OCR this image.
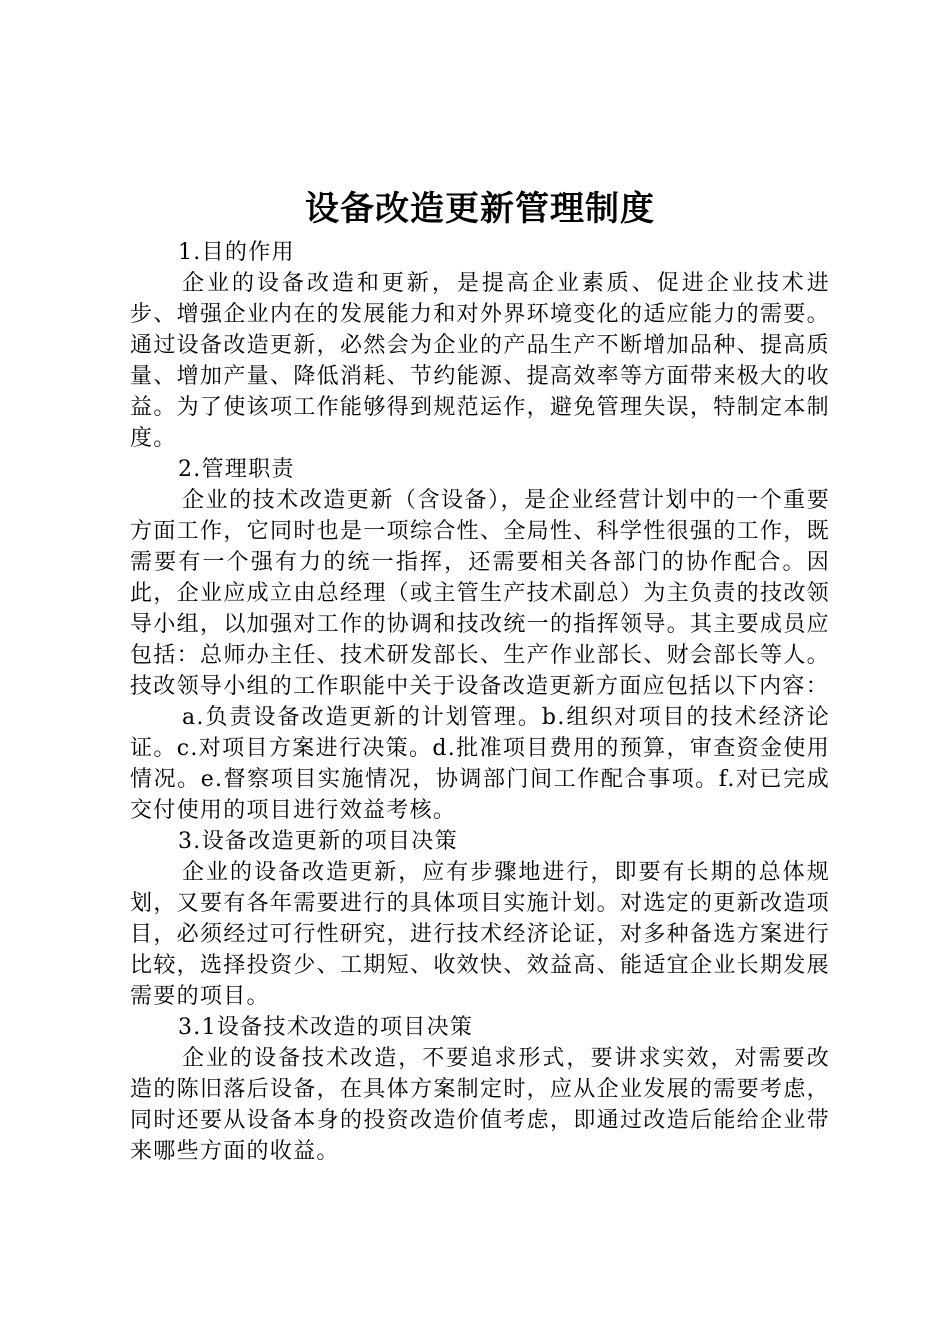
设备改造更新管理制度

1.目的作用

企业的设备改造和更新，是提高企业素质、促进企业技术进步、增强企业内在的发展能力和对外界环境变化的适应能力的需要。通过设备改造更新，必然会为企业的产品生产不断增加品种、提高质量、增加产量、降低消耗、节约能源、提高效率等方面带来极大的收益。为了使该项工作能够得到规范运作，避免管理失误，特制定本制度。

2.管理职责

企业的技术改造更新（含设备），是企业经营计划中的一个重要方面工作，它同时也是一项综合性、全局性、科学性很强的工作，既需要有一个强有力的统一指挥，还需要相关各部门的协作配合。因此，企业应成立由总经理（或主管生产技术副总）为主负责的技改领导小组，以加强对工作的协调和技改统一的指挥领导。其主要成员应包括：总师办主任、技术研发部长、生产作业部长、财会部长等人。技改领导小组的工作职能中关于设备改造更新方面应包括以下内容：

a.负责设备改造更新的计划管理。b.组织对项目的技术经济论证。c.对项目方案进行决策。d.批准项目费用的预算，审查资金使用情况。e.督察项目实施情况，协调部门间工作配合事项。f.对已完成交付使用的项目进行效益考核。

3.设备改造更新的项目决策

企业的设备改造更新，应有步骤地进行，即要有长期的总体规划，又要有各年需要进行的具体项目实施计划。对选定的更新改造项目，必须经过可行性研究，进行技术经济论证，对多种备选方案进行比较，选择投资少、工期短、收效快、效益高、能适宜企业长期发展需要的项目。

3.1设备技术改造的项目决策

企业的设备技术改造，不要追求形式，要讲求实效，对需要改造的陈旧落后设备，在具体方案制定时，应从企业发展的需要考虑，同时还要从设备本身的投资改造价值考虑，即通过改造后能给企业带来哪些方面的收益。
